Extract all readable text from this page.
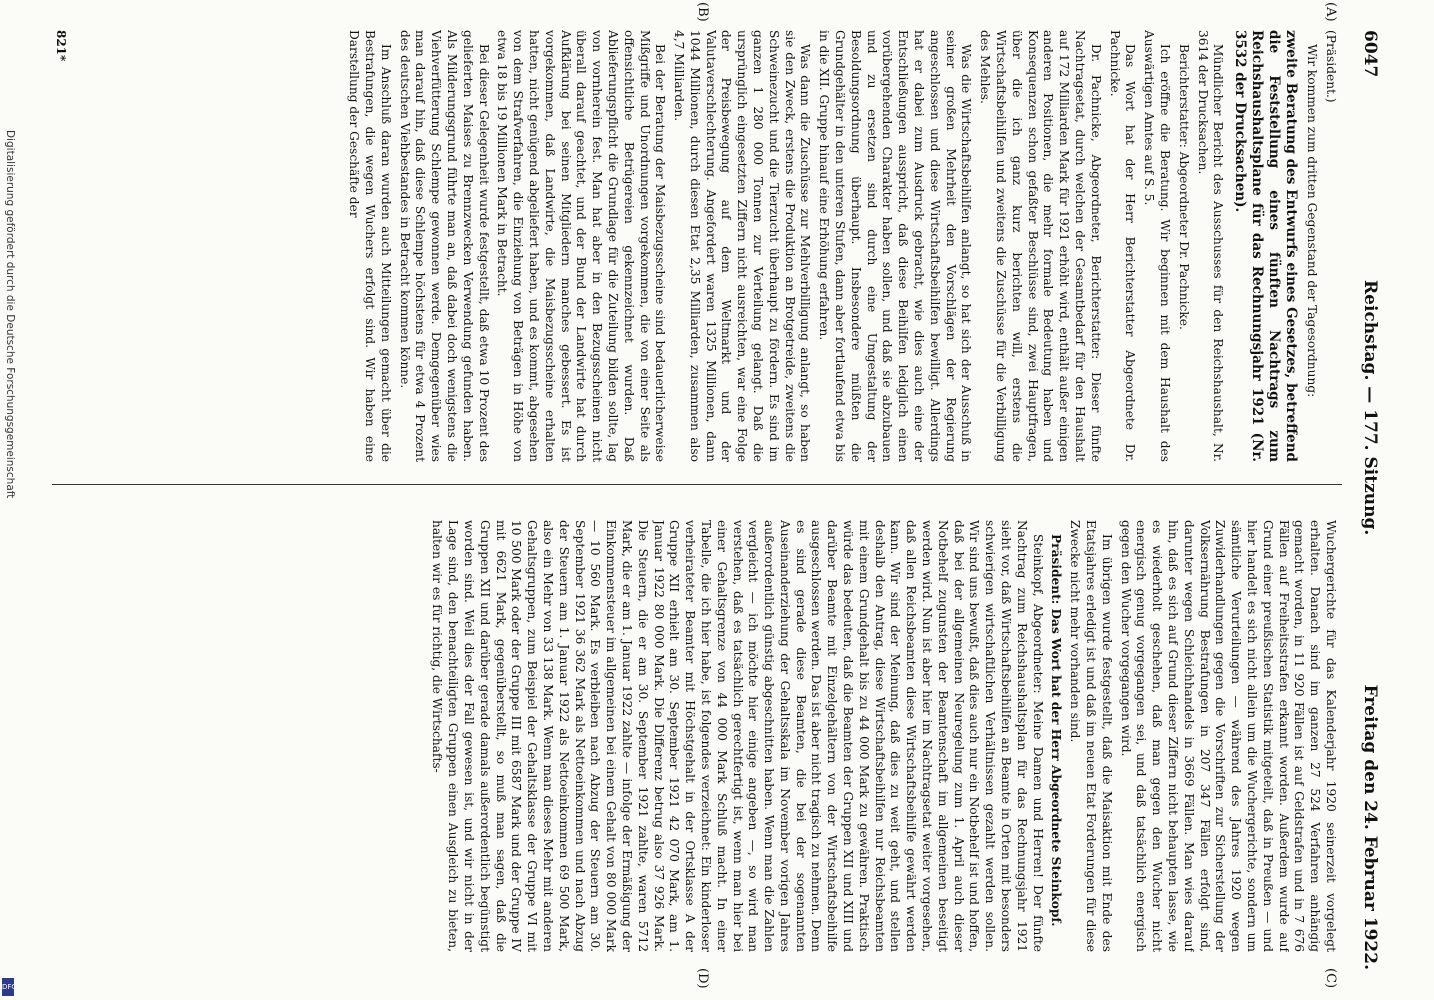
Digitalisierung gefördert durch die Deutsche Forschungsgemeinschaft
DFG
6047
Reichstag. — 177. Sitzung.
Freitag den 24. Februar 1922.
(A)
(B)
(C)
(D)

(Präsident.)

Wir kommen zum dritten Gegenstand der Tagesordnung:

zweite Beratung des Entwurfs eines Gesetzes, betreffend die Feststellung eines fünften Nachtrags zum Reichshaushaltsplane für das Rechnungsjahr 1921 (Nr. 3532 der Drucksachen).

Mündlicher Bericht des Ausschusses für den Reichshaushalt, Nr. 3614 der Drucksachen.

Berichterstatter: Abgeordneter Dr. Pachnicke.

Ich eröffne die Beratung. Wir beginnen mit dem Haushalt des Auswärtigen Amtes auf S. 5.

Das Wort hat der Herr Berichterstatter Abgeordnete Dr. Pachnicke.

Dr. Pachnicke, Abgeordneter, Berichterstatter: Dieser fünfte Nachtragsetat, durch welchen der Gesamtbedarf für den Haushalt auf 172 Milliarden Mark für 1921 erhöht wird, enthält außer einigen anderen Positionen, die mehr formale Bedeutung haben und Konsequenzen schon gefaßter Beschlüsse sind, zwei Hauptfragen, über die ich ganz kurz berichten will, erstens die Wirtschaftsbeihilfen und zweitens die Zuschüsse für die Verbilligung des Mehles.

Was die Wirtschaftsbeihilfen anlangt, so hat sich der Ausschuß in seiner großen Mehrheit den Vorschlägen der Regierung angeschlossen und diese Wirtschaftsbeihilfen bewilligt. Allerdings hat er dabei zum Ausdruck gebracht, wie dies auch eine der Entschließungen ausspricht, daß diese Beihilfen lediglich einen vorübergehenden Charakter haben sollen, und daß sie abzubauen und zu ersetzen sind durch eine Umgestaltung der Besoldungsordnung überhaupt. Insbesondere müßten die Grundgehälter in den unteren Stufen, dann aber fortlaufend etwa bis in die XII. Gruppe hinauf eine Erhöhung erfahren.

Was dann die Zuschüsse zur Mehlverbilligung anlangt, so haben sie den Zweck, erstens die Produktion an Brotgetreide, zweitens die Schweinezucht und die Tierzucht überhaupt zu fördern. Es sind im ganzen 1 280 000 Tonnen zur Verteilung gelangt. Daß die ursprünglich eingesetzten Ziffern nicht ausreichten, war eine Folge der Preisbewegung auf dem Weltmarkt und der Valutaverschlechterung. Angefordert waren 1325 Millionen, dann 1044 Millionen, durch diesen Etat 2,35 Milliarden, zusammen also 4,7 Milliarden.

Bei der Beratung der Maisbezugsscheine sind bedauerlicherweise Mißgriffe und Unordnungen vorgekommen, die von einer Seite als offensichtliche Betrügereien gekennzeichnet wurden. Daß Ablieferungspflicht die Grundlage für die Zuteilung bilden sollte, lag von vornherein fest. Man hat aber in den Bezugsscheinen nicht überall darauf geachtet, und der Bund der Landwirte hat durch Aufklärung bei seinen Mitgliedern manches gebessert. Es ist vorgekommen, daß Landwirte, die Maisbezugsscheine erhalten hatten, nicht genügend abgeliefert haben, und es kommt, abgesehen von dem Strafverfahren, die Einziehung von Beträgen in Höhe von etwa 18 bis 19 Millionen Mark in Betracht.

Bei dieser Gelegenheit wurde festgestellt, daß etwa 10 Prozent des gelieferten Maises zu Brennzwecken Verwendung gefunden haben. Als Milderungsgrund führte man an, daß dabei doch wenigstens die Viehverfütterung Schlempe gewonnen werde. Demgegenüber wies man darauf hin, daß diese Schlempe höchstens für etwa 4 Prozent des deutschen Viehbestandes in Betracht kommen könne.

Im Anschluß daran wurden auch Mitteilungen gemacht über die Bestrafungen, die wegen Wuchers erfolgt sind. Wir haben eine Darstellung der Geschäfte der

Wuchergerichte für das Kalenderjahr 1920 seinerzeit vorgelegt erhalten. Danach sind im ganzen 27 524 Verfahren anhängig gemacht worden, in 11 920 Fällen ist auf Geldstrafen und in 7 676 Fällen auf Freiheitsstrafen erkannt worden. Außerdem wurde auf Grund einer preußischen Statistik mitgeteilt, daß in Preußen — und hier handelt es sich nicht allein um die Wuchergerichte, sondern um sämtliche Verurteilungen — während des Jahres 1920 wegen Zuwiderhandlungen gegen die Vorschriften zur Sicherstellung der Volksernährung Bestrafungen in 207 347 Fällen erfolgt sind, darunter wegen Schleichhandels in 3669 Fällen. Man wies darauf hin, daß es sich auf Grund dieser Ziffern nicht behaupten lasse, wie es wiederholt geschehen, daß man gegen den Wucher nicht energisch genug vorgegangen sei, und daß tatsächlich energisch gegen den Wucher vorgegangen wird.

Im übrigen wurde festgestellt, daß die Maisaktion mit Ende des Etatsjahres erledigt ist und daß im neuen Etat Forderungen für diese Zwecke nicht mehr vorhanden sind.

Präsident: Das Wort hat der Herr Abgeordnete Steinkopf.

Steinkopf, Abgeordneter: Meine Damen und Herren! Der fünfte Nachtrag zum Reichshaushaltsplan für das Rechnungsjahr 1921 sieht vor, daß Wirtschaftsbeihilfen an Beamte in Orten mit besonders schwierigen wirtschaftlichen Verhältnissen gezahlt werden sollen. Wir sind uns bewußt, daß dies auch nur ein Notbehelf ist und hoffen, daß bei der allgemeinen Neuregelung zum 1. April auch dieser Notbehelf zugunsten der Beamtenschaft im allgemeinen beseitigt werden wird. Nun ist aber hier im Nachtragsetat weiter vorgesehen, daß allen Reichsbeamten diese Wirtschaftsbeihilfe gewährt werden kann. Wir sind der Meinung, daß dies zu weit geht, und stellen deshalb den Antrag, diese Wirtschaftsbeihilfen nur Reichsbeamten mit einem Grundgehalt bis zu 44 000 Mark zu gewähren. Praktisch würde das bedeuten, daß die Beamten der Gruppen XII und XIII und darüber Beamte mit Einzelgehältern von der Wirtschaftsbeihilfe ausgeschlossen werden. Das ist aber nicht tragisch zu nehmen. Denn es sind gerade diese Beamten, die bei der sogenannten Auseinanderziehung der Gehaltsskala im November vorigen Jahres außerordentlich günstig abgeschnitten haben. Wenn man die Zahlen vergleicht — ich möchte hier einige angeben —, so wird man verstehen, daß es tatsächlich gerechtfertigt ist, wenn man hier bei einer Gehaltsgrenze von 44 000 Mark Schluß macht. In einer Tabelle, die ich hier habe, ist folgendes verzeichnet: Ein kinderloser verheirateter Beamter mit Höchstgehalt in der Ortsklasse A der Gruppe XII erhielt am 30. September 1921 42 070 Mark, am 1. Januar 1922 80 000 Mark. Die Differenz betrug also 37 926 Mark. Die Steuern, die er am 30. September 1921 zahlte, waren 5712 Mark, die er am 1. Januar 1922 zahlte — infolge der Ermäßigung der Einkommensteuer im allgemeinen bei einem Gehalt von 80 000 Mark — 10 560 Mark. Es verbleiben nach Abzug der Steuern am 30. September 1921 36 362 Mark als Nettoeinkommen und nach Abzug der Steuern am 1. Januar 1922 als Nettoeinkommen 69 500 Mark, also ein Mehr von 33 138 Mark. Wenn man dieses Mehr mit anderen Gehaltsgruppen, zum Beispiel der Gehaltsklasse der Gruppe VI mit 10 500 Mark oder der Gruppe III mit 6587 Mark und der Gruppe IV mit 6621 Mark, gegenüberstellt, so muß man sagen, daß die Gruppen XII und darüber gerade damals außerordentlich begünstigt worden sind. Weil dies der Fall gewesen ist, und wir nicht in der Lage sind, den benachteiligten Gruppen einen Ausgleich zu bieten, halten wir es für richtig, die Wirtschafts-

821*
